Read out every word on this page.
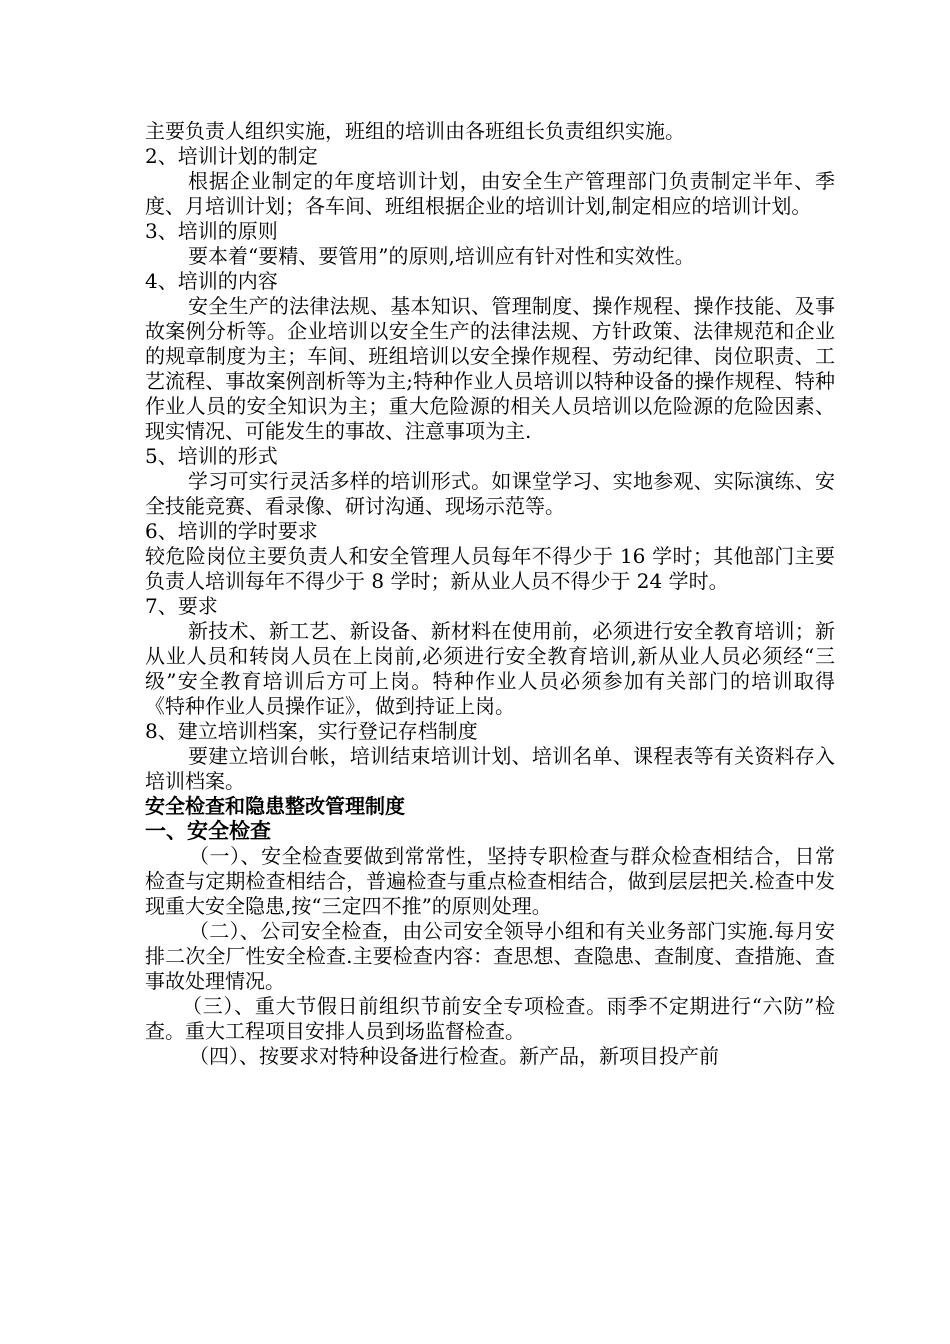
主要负责人组织实施，班组的培训由各班组长负责组织实施。

2、培训计划的制定

根据企业制定的年度培训计划，由安全生产管理部门负责制定半年、季度、月培训计划；各车间、班组根据企业的培训计划,制定相应的培训计划。

3、培训的原则

要本着“要精、要管用”的原则,培训应有针对性和实效性。

4、培训的内容

安全生产的法律法规、基本知识、管理制度、操作规程、操作技能、及事故案例分析等。企业培训以安全生产的法律法规、方针政策、法律规范和企业的规章制度为主；车间、班组培训以安全操作规程、劳动纪律、岗位职责、工艺流程、事故案例剖析等为主;特种作业人员培训以特种设备的操作规程、特种作业人员的安全知识为主；重大危险源的相关人员培训以危险源的危险因素、现实情况、可能发生的事故、注意事项为主.

5、培训的形式

学习可实行灵活多样的培训形式。如课堂学习、实地参观、实际演练、安全技能竞赛、看录像、研讨沟通、现场示范等。

6、培训的学时要求

较危险岗位主要负责人和安全管理人员每年不得少于 16 学时；其他部门主要负责人培训每年不得少于 8 学时；新从业人员不得少于 24 学时。

7、要求

新技术、新工艺、新设备、新材料在使用前，必须进行安全教育培训；新从业人员和转岗人员在上岗前,必须进行安全教育培训,新从业人员必须经“三级”安全教育培训后方可上岗。特种作业人员必须参加有关部门的培训取得《特种作业人员操作证》，做到持证上岗。

8、建立培训档案，实行登记存档制度

要建立培训台帐，培训结束培训计划、培训名单、课程表等有关资料存入培训档案。

安全检查和隐患整改管理制度

一、安全检查

（一）、安全检查要做到常常性，坚持专职检查与群众检查相结合，日常检查与定期检查相结合，普遍检查与重点检查相结合，做到层层把关.检查中发现重大安全隐患,按“三定四不推”的原则处理。

（二）、公司安全检查，由公司安全领导小组和有关业务部门实施.每月安排二次全厂性安全检查.主要检查内容：查思想、查隐患、查制度、查措施、查事故处理情况。

（三）、重大节假日前组织节前安全专项检查。雨季不定期进行“六防”检查。重大工程项目安排人员到场监督检查。

（四）、按要求对特种设备进行检查。新产品，新项目投产前
